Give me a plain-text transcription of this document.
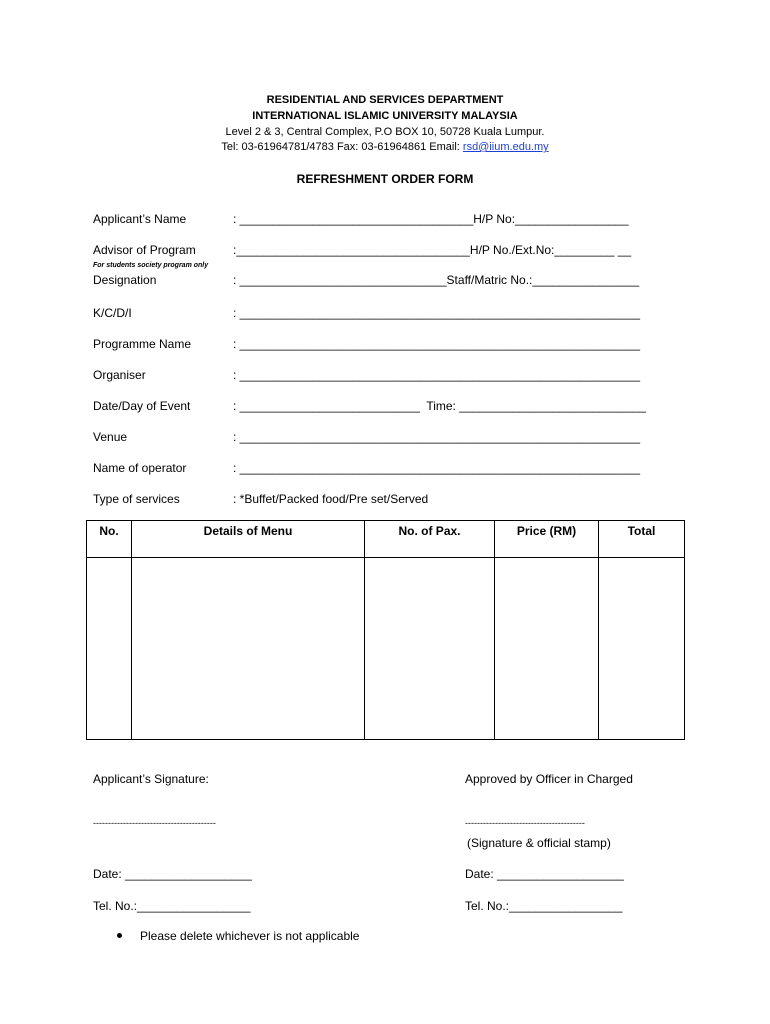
RESIDENTIAL AND SERVICES DEPARTMENT
INTERNATIONAL ISLAMIC UNIVERSITY MALAYSIA
Level 2 & 3, Central Complex, P.O BOX 10, 50728 Kuala Lumpur.
Tel: 03-61964781/4783 Fax: 03-61964861 Email: rsd@iium.edu.my
REFRESHMENT ORDER FORM
Applicant’s Name	: ___________________________________H/P No:_________________
Advisor of Program	:___________________________________H/P No./Ext.No:_________ __
For students society program only
Designation	: _______________________________Staff/Matric No.:________________
K/C/D/I	: ____________________________________________________________
Programme Name	: ____________________________________________________________
Organiser	: ____________________________________________________________
Date/Day of Event	: ___________________________  Time: ____________________________
Venue	: ____________________________________________________________
Name of operator	: ____________________________________________________________
Type of services	: *Buffet/Packed food/Pre set/Served
No.	Details of Menu	No. of Pax.	Price (RM)	Total

Applicant’s Signature:	Approved by Officer in Charged
-----------------------------------------	----------------------------------------
(Signature & official stamp)
Date: ___________________	Date: ___________________
Tel. No.:_________________	Tel. No.:_________________
Please delete whichever is not applicable
